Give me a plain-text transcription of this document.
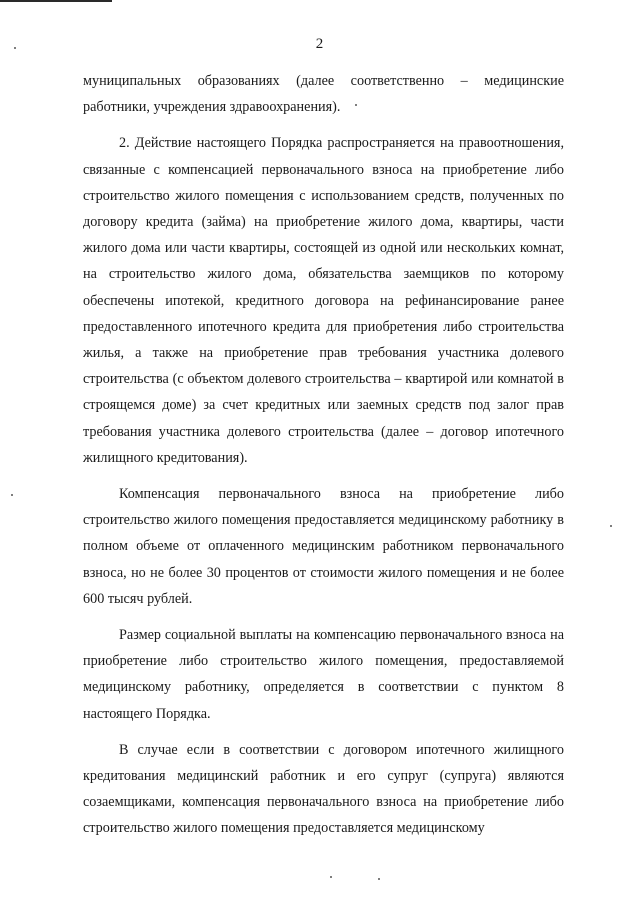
2

муниципальных образованиях (далее соответственно – медицинские работники, учреждения здравоохранения).

2. Действие настоящего Порядка распространяется на правоотношения, связанные с компенсацией первоначального взноса на приобретение либо строительство жилого помещения с использованием средств, полученных по договору кредита (займа) на приобретение жилого дома, квартиры, части жилого дома или части квартиры, состоящей из одной или нескольких комнат, на строительство жилого дома, обязательства заемщиков по которому обеспечены ипотекой, кредитного договора на рефинансирование ранее предоставленного ипотечного кредита для приобретения либо строительства жилья, а также на приобретение прав требования участника долевого строительства (с объектом долевого строительства – квартирой или комнатой в строящемся доме) за счет кредитных или заемных средств под залог прав требования участника долевого строительства (далее – договор ипотечного жилищного кредитования).

Компенсация первоначального взноса на приобретение либо строительство жилого помещения предоставляется медицинскому работнику в полном объеме от оплаченного медицинским работником первоначального взноса, но не более 30 процентов от стоимости жилого помещения и не более 600 тысяч рублей.

Размер социальной выплаты на компенсацию первоначального взноса на приобретение либо строительство жилого помещения, предоставляемой медицинскому работнику, определяется в соответствии с пунктом 8 настоящего Порядка.

В случае если в соответствии с договором ипотечного жилищного кредитования медицинский работник и его супруг (супруга) являются созаемщиками, компенсация первоначального взноса на приобретение либо строительство жилого помещения предоставляется медицинскому
